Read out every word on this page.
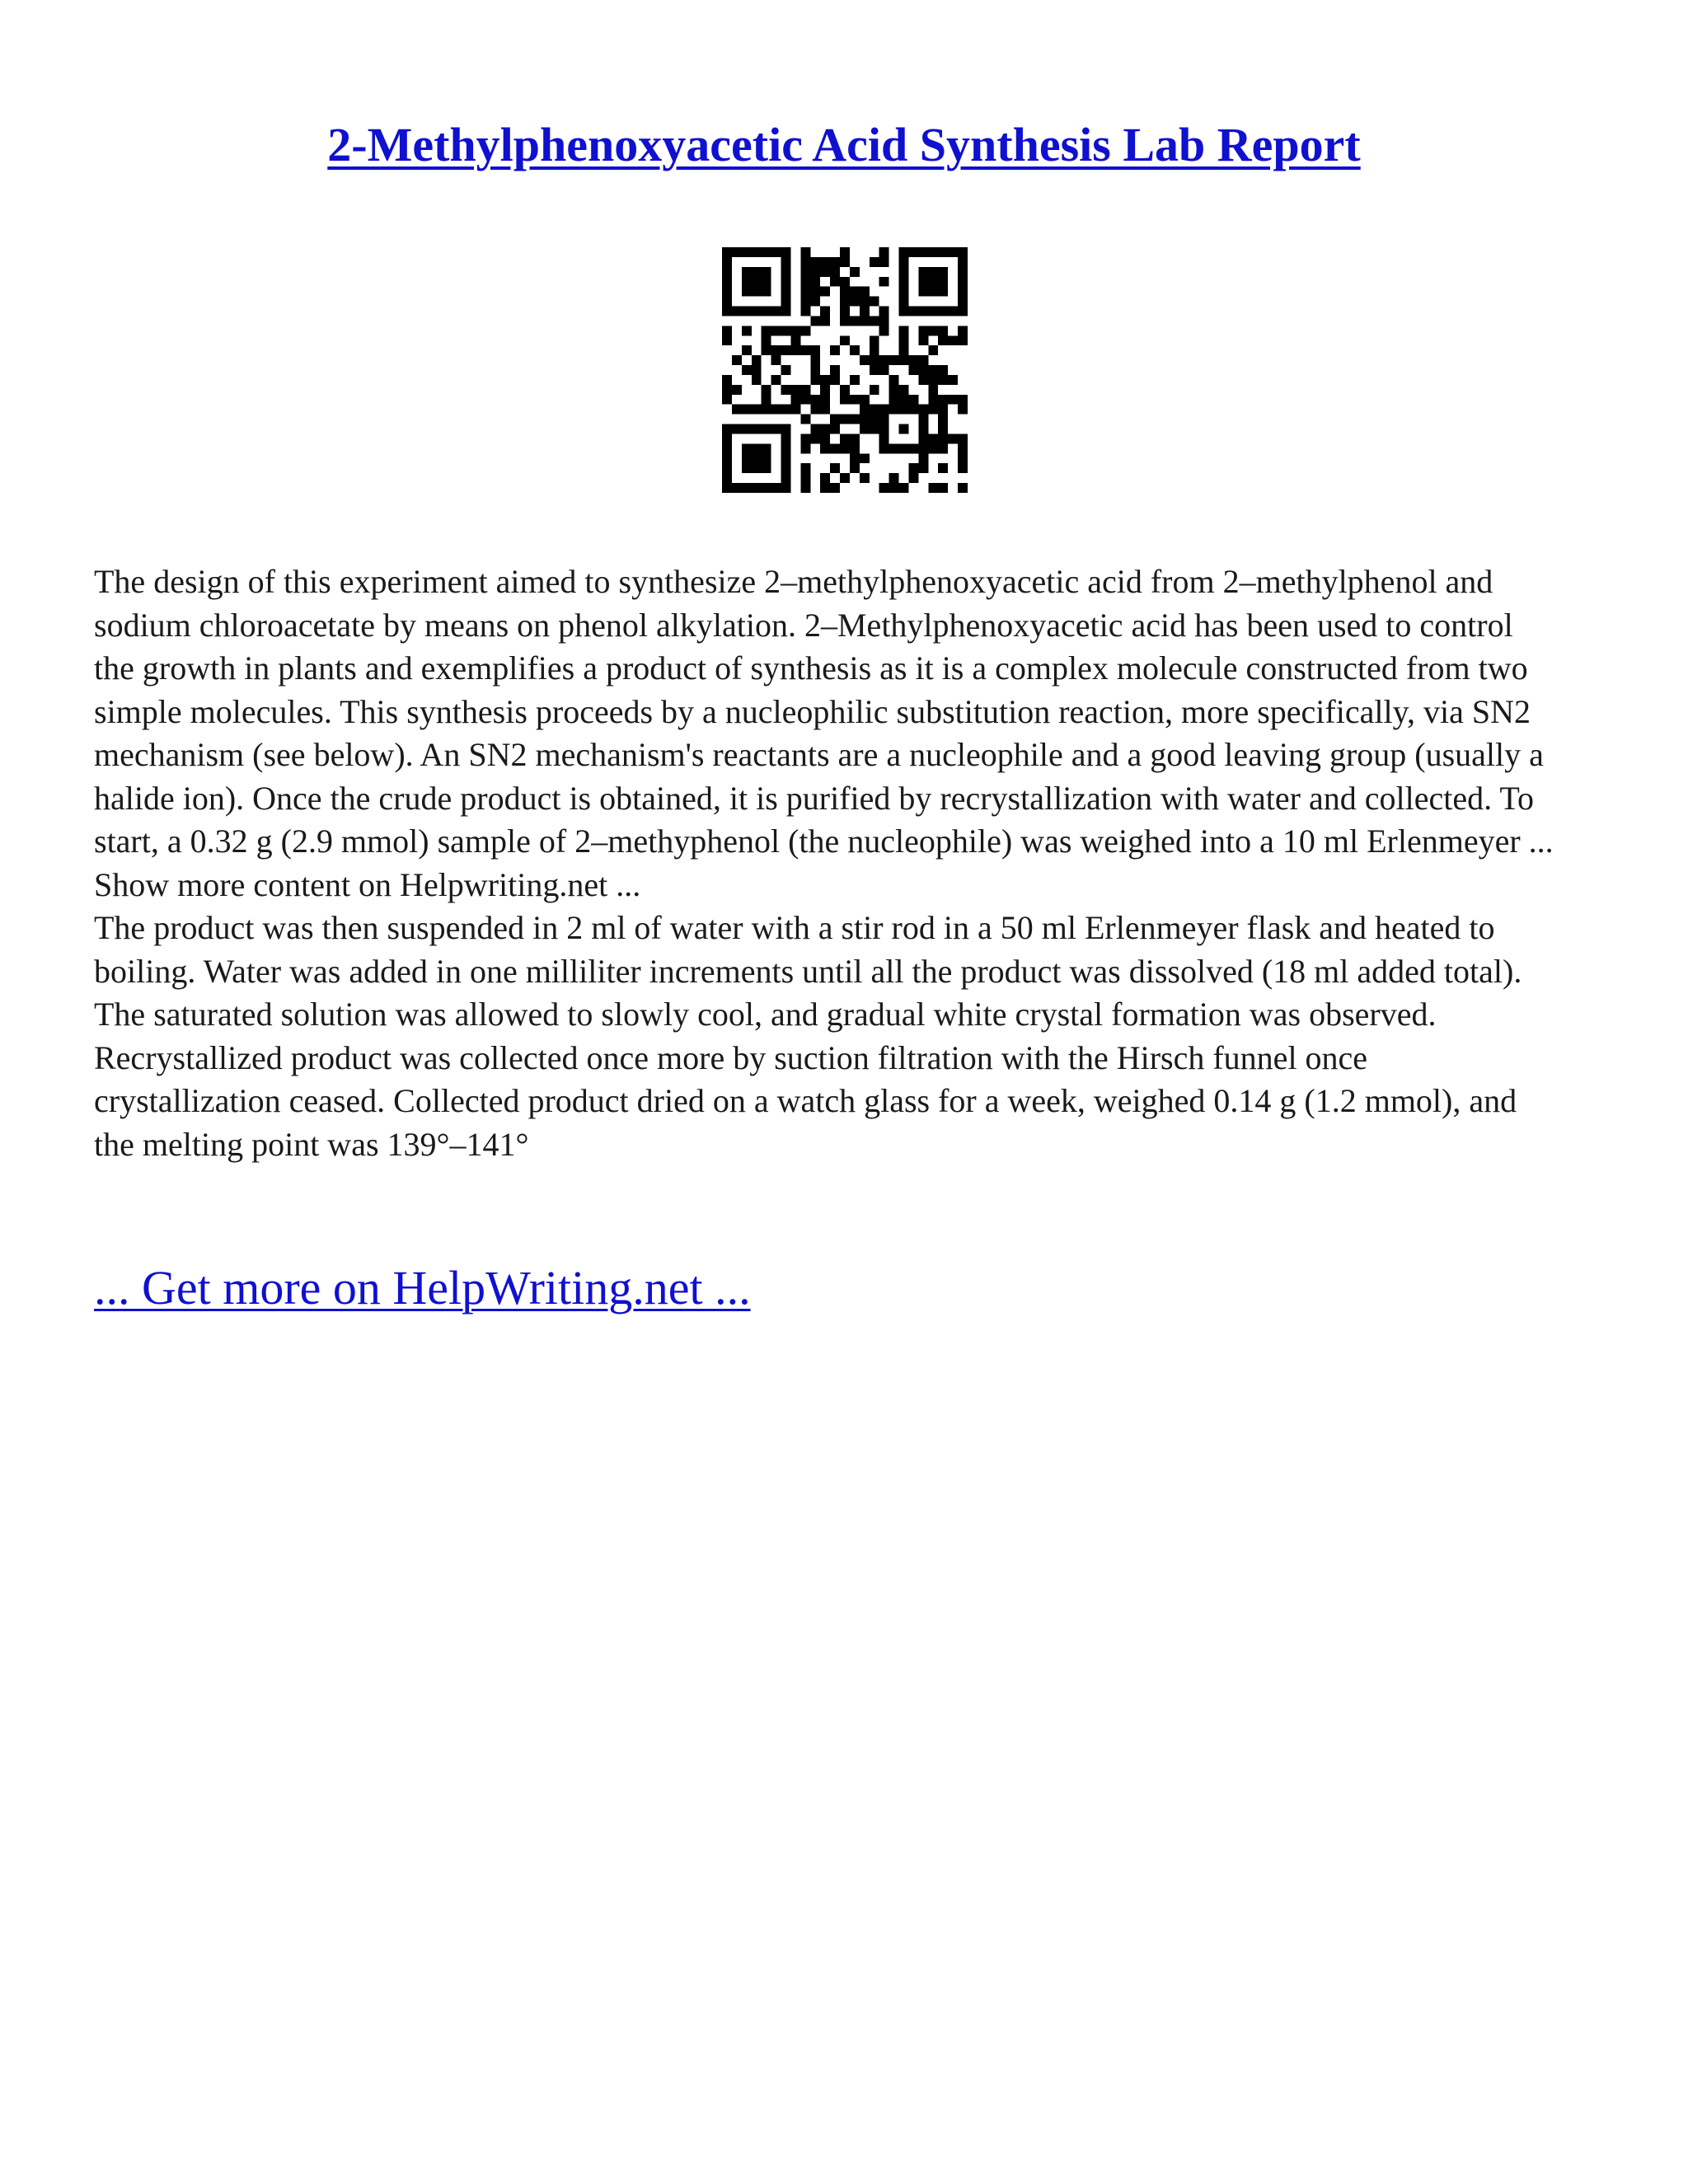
2-Methylphenoxyacetic Acid Synthesis Lab Report

The design of this experiment aimed to synthesize 2–methylphenoxyacetic acid from 2–methylphenol and sodium chloroacetate by means on phenol alkylation. 2–Methylphenoxyacetic acid has been used to control the growth in plants and exemplifies a product of synthesis as it is a complex molecule constructed from two simple molecules. This synthesis proceeds by a nucleophilic substitution reaction, more specifically, via SN2 mechanism (see below). An SN2 mechanism's reactants are a nucleophile and a good leaving group (usually a halide ion). Once the crude product is obtained, it is purified by recrystallization with water and collected. To start, a 0.32 g (2.9 mmol) sample of 2–methyphenol (the nucleophile) was weighed into a 10 ml Erlenmeyer ...

Show more content on Helpwriting.net ...

The product was then suspended in 2 ml of water with a stir rod in a 50 ml Erlenmeyer flask and heated to boiling. Water was added in one milliliter increments until all the product was dissolved (18 ml added total). The saturated solution was allowed to slowly cool, and gradual white crystal formation was observed. Recrystallized product was collected once more by suction filtration with the Hirsch funnel once crystallization ceased. Collected product dried on a watch glass for a week, weighed 0.14 g (1.2 mmol), and the melting point was 139°–141°

... Get more on HelpWriting.net ...
